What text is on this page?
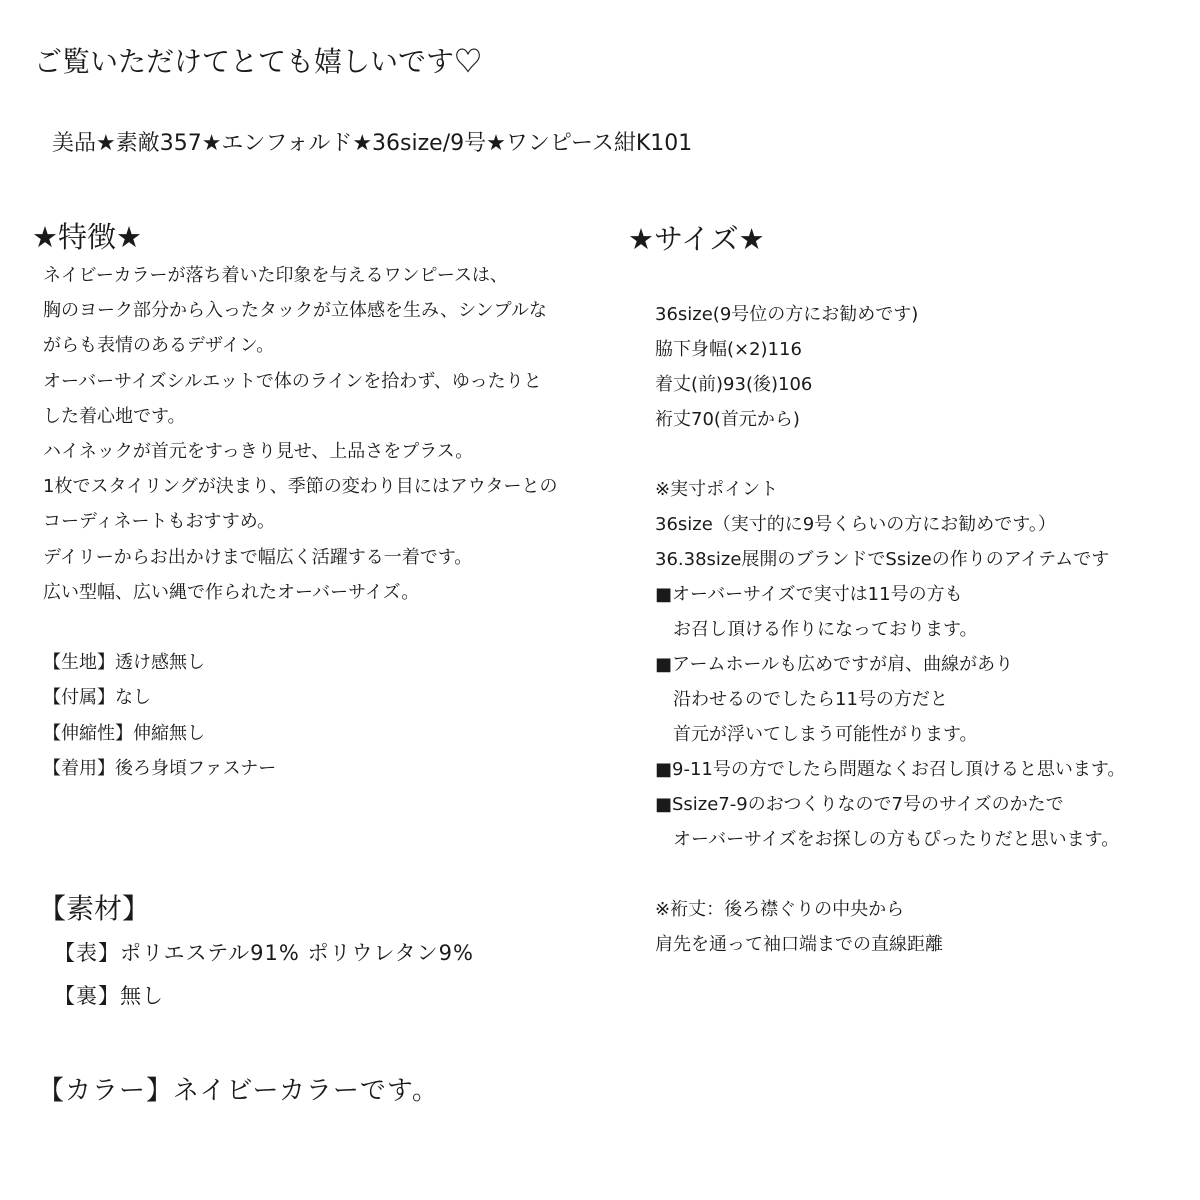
ご覧いただけてとても嬉しいです♡
美品★素敵357★エンフォルド★36size/9号★ワンピース紺K101
★特徴★
ネイビーカラーが落ち着いた印象を与えるワンピースは、
胸のヨーク部分から入ったタックが立体感を生み、シンプルな
がらも表情のあるデザイン。
オーバーサイズシルエットで体のラインを拾わず、ゆったりと
した着心地です。
ハイネックが首元をすっきり見せ、上品さをプラス。
1枚でスタイリングが決まり、季節の変わり目にはアウターとの
コーディネートもおすすめ。
デイリーからお出かけまで幅広く活躍する一着です。
広い型幅、広い縄で作られたオーバーサイズ。

【生地】透け感無し
【付属】なし
【伸縮性】伸縮無し
【着用】後ろ身頃ファスナー
★サイズ★
36size(9号位の方にお勧めです)
脇下身幅(×2)116
着丈(前)93(後)106
裄丈70(首元から)

※実寸ポイント
36size（実寸的に9号くらいの方にお勧めです。）
36.38size展開のブランドでSsizeの作りのアイテムです
■オーバーサイズで実寸は11号の方も
　お召し頂ける作りになっております。
■アームホールも広めですが肩、曲線があり
　沿わせるのでしたら11号の方だと
　首元が浮いてしまう可能性がります。
■9-11号の方でしたら問題なくお召し頂けると思います。
■Ssize7-9のおつくりなので7号のサイズのかたで
　オーバーサイズをお探しの方もぴったりだと思います。

※裄丈：後ろ襟ぐりの中央から
肩先を通って袖口端までの直線距離
【素材】
【表】ポリエステル91% ポリウレタン9%
【裏】無し
【カラー】ネイビーカラーです。
